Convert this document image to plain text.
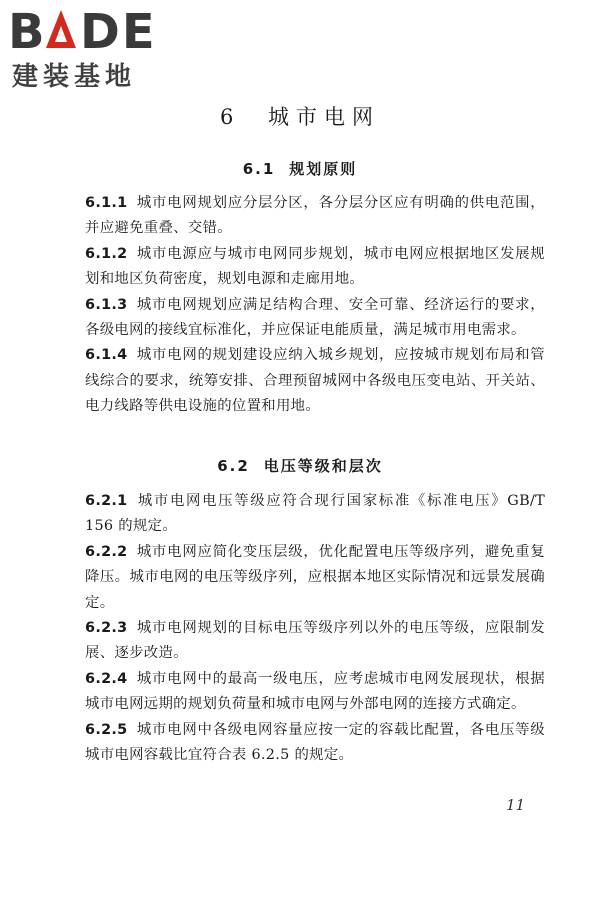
B DE
建装基地
6 城市电网
6.1 规划原则
6.1.1 城市电网规划应分层分区，各分层分区应有明确的供电范围，并应避免重叠、交错。
6.1.2 城市电源应与城市电网同步规划，城市电网应根据地区发展规划和地区负荷密度，规划电源和走廊用地。
6.1.3 城市电网规划应满足结构合理、安全可靠、经济运行的要求，各级电网的接线宜标准化，并应保证电能质量，满足城市用电需求。
6.1.4 城市电网的规划建设应纳入城乡规划，应按城市规划布局和管线综合的要求，统筹安排、合理预留城网中各级电压变电站、开关站、电力线路等供电设施的位置和用地。
6.2 电压等级和层次
6.2.1 城市电网电压等级应符合现行国家标准《标准电压》GB/T 156 的规定。
6.2.2 城市电网应简化变压层级，优化配置电压等级序列，避免重复降压。城市电网的电压等级序列，应根据本地区实际情况和远景发展确定。
6.2.3 城市电网规划的目标电压等级序列以外的电压等级，应限制发展、逐步改造。
6.2.4 城市电网中的最高一级电压，应考虑城市电网发展现状，根据城市电网远期的规划负荷量和城市电网与外部电网的连接方式确定。
6.2.5 城市电网中各级电网容量应按一定的容载比配置，各电压等级城市电网容载比宜符合表 6.2.5 的规定。
11
